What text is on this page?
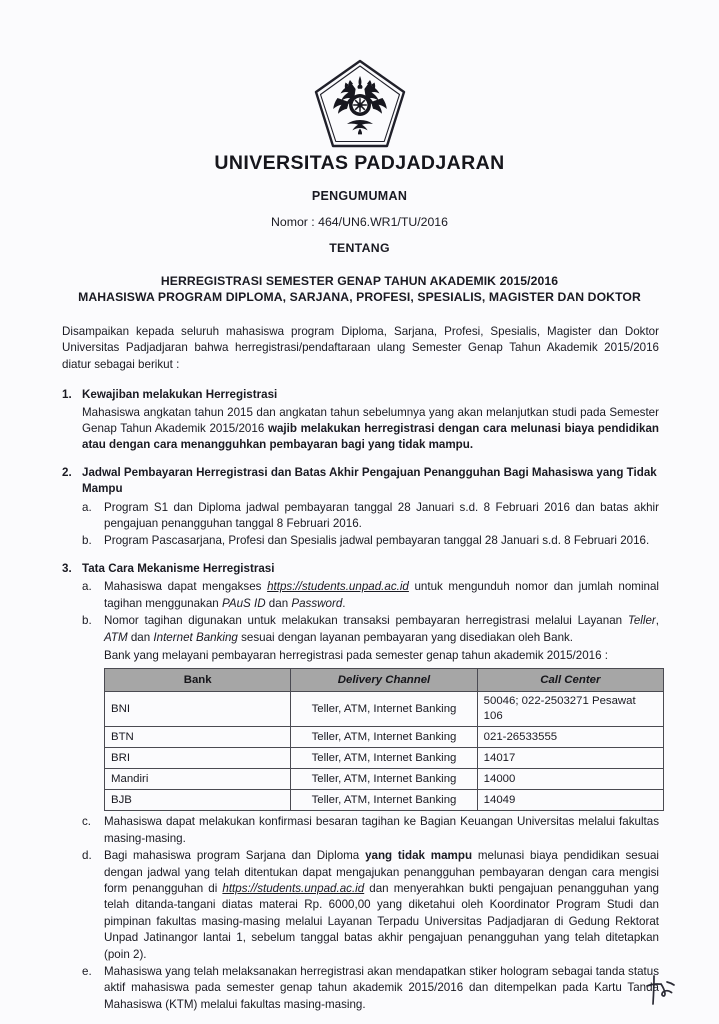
UNIVERSITAS PADJADJARAN
PENGUMUMAN
Nomor : 464/UN6.WR1/TU/2016
TENTANG
HERREGISTRASI SEMESTER GENAP TAHUN AKADEMIK 2015/2016
MAHASISWA PROGRAM DIPLOMA, SARJANA, PROFESI, SPESIALIS, MAGISTER DAN DOKTOR

Disampaikan kepada seluruh mahasiswa program Diploma, Sarjana, Profesi, Spesialis, Magister dan Doktor Universitas Padjadjaran bahwa herregistrasi/pendaftaraan ulang Semester Genap Tahun Akademik 2015/2016 diatur sebagai berikut :

1. Kewajiban melakukan Herregistrasi
Mahasiswa angkatan tahun 2015 dan angkatan tahun sebelumnya yang akan melanjutkan studi pada Semester Genap Tahun Akademik 2015/2016 wajib melakukan herregistrasi dengan cara melunasi biaya pendidikan atau dengan cara menangguhkan pembayaran bagi yang tidak mampu.
2. Jadwal Pembayaran Herregistrasi dan Batas Akhir Pengajuan Penangguhan Bagi Mahasiswa yang Tidak Mampu
a. Program S1 dan Diploma jadwal pembayaran tanggal 28 Januari s.d. 8 Februari 2016 dan batas akhir pengajuan penangguhan tanggal 8 Februari 2016.
b. Program Pascasarjana, Profesi dan Spesialis jadwal pembayaran tanggal 28 Januari s.d. 8 Februari 2016.
3. Tata Cara Mekanisme Herregistrasi
a. Mahasiswa dapat mengakses https://students.unpad.ac.id untuk mengunduh nomor dan jumlah nominal tagihan menggunakan PAuS ID dan Password.
b. Nomor tagihan digunakan untuk melakukan transaksi pembayaran herregistrasi melalui Layanan Teller, ATM dan Internet Banking sesuai dengan layanan pembayaran yang disediakan oleh Bank.
Bank yang melayani pembayaran herregistrasi pada semester genap tahun akademik 2015/2016 :
Bank	Delivery Channel	Call Center
BNI	Teller, ATM, Internet Banking	50046; 022-2503271 Pesawat 106
BTN	Teller, ATM, Internet Banking	021-26533555
BRI	Teller, ATM, Internet Banking	14017
Mandiri	Teller, ATM, Internet Banking	14000
BJB	Teller, ATM, Internet Banking	14049
c. Mahasiswa dapat melakukan konfirmasi besaran tagihan ke Bagian Keuangan Universitas melalui fakultas masing-masing.
d. Bagi mahasiswa program Sarjana dan Diploma yang tidak mampu melunasi biaya pendidikan sesuai dengan jadwal yang telah ditentukan dapat mengajukan penangguhan pembayaran dengan cara mengisi form penangguhan di https://students.unpad.ac.id dan menyerahkan bukti pengajuan penangguhan yang telah ditanda-tangani diatas materai Rp. 6000,00 yang diketahui oleh Koordinator Program Studi dan pimpinan fakultas masing-masing melalui Layanan Terpadu Universitas Padjadjaran di Gedung Rektorat Unpad Jatinangor lantai 1, sebelum tanggal batas akhir pengajuan penangguhan yang telah ditetapkan (poin 2).
e. Mahasiswa yang telah melaksanakan herregistrasi akan mendapatkan stiker hologram sebagai tanda status aktif mahasiswa pada semester genap tahun akademik 2015/2016 dan ditempelkan pada Kartu Tanda Mahasiswa (KTM) melalui fakultas masing-masing.
